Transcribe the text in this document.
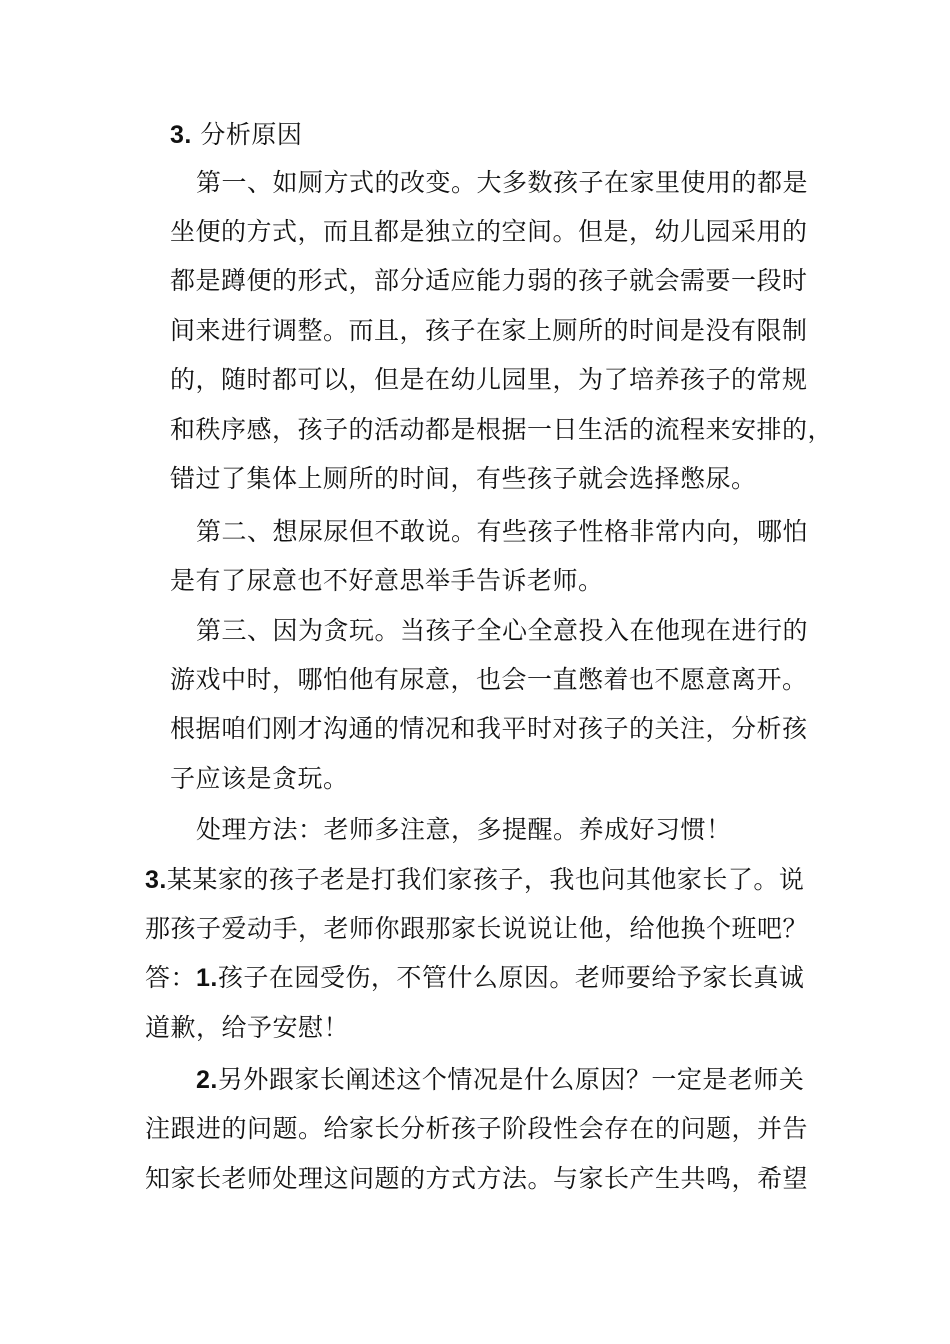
3. 分析原因
第一、如厕方式的改变。大多数孩子在家里使用的都是
坐便的方式，而且都是独立的空间。但是，幼儿园采用的
都是蹲便的形式，部分适应能力弱的孩子就会需要一段时
间来进行调整。而且，孩子在家上厕所的时间是没有限制
的，随时都可以，但是在幼儿园里，为了培养孩子的常规
和秩序感，孩子的活动都是根据一日生活的流程来安排的，
错过了集体上厕所的时间，有些孩子就会选择憋尿。
第二、想尿尿但不敢说。有些孩子性格非常内向，哪怕
是有了尿意也不好意思举手告诉老师。
第三、因为贪玩。当孩子全心全意投入在他现在进行的
游戏中时，哪怕他有尿意，也会一直憋着也不愿意离开。
根据咱们刚才沟通的情况和我平时对孩子的关注，分析孩
子应该是贪玩。
处理方法：老师多注意，多提醒。养成好习惯！
3.某某家的孩子老是打我们家孩子，我也问其他家长了。说
那孩子爱动手，老师你跟那家长说说让他，给他换个班吧？
答：1.孩子在园受伤，不管什么原因。老师要给予家长真诚
道歉，给予安慰！
2.另外跟家长阐述这个情况是什么原因？一定是老师关
注跟进的问题。给家长分析孩子阶段性会存在的问题，并告
知家长老师处理这问题的方式方法。与家长产生共鸣，希望
